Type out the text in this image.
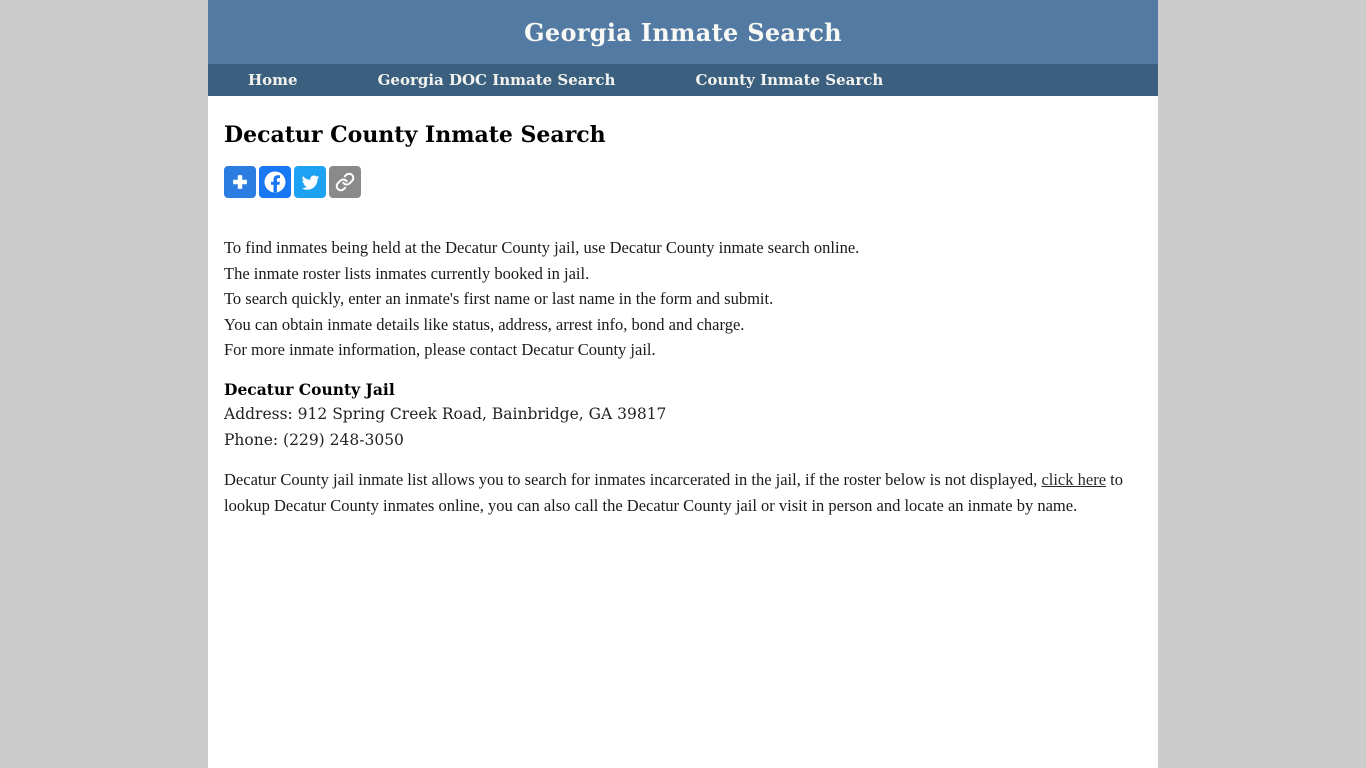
Georgia Inmate Search
Home	Georgia DOC Inmate Search	County Inmate Search
Decatur County Inmate Search
To find inmates being held at the Decatur County jail, use Decatur County inmate search online.
The inmate roster lists inmates currently booked in jail.
To search quickly, enter an inmate's first name or last name in the form and submit.
You can obtain inmate details like status, address, arrest info, bond and charge.
For more inmate information, please contact Decatur County jail.
Decatur County Jail
Address: 912 Spring Creek Road, Bainbridge, GA 39817
Phone: (229) 248-3050

Decatur County jail inmate list allows you to search for inmates incarcerated in the jail, if the roster below is not displayed, click here to lookup Decatur County inmates online, you can also call the Decatur County jail or visit in person and locate an inmate by name.
